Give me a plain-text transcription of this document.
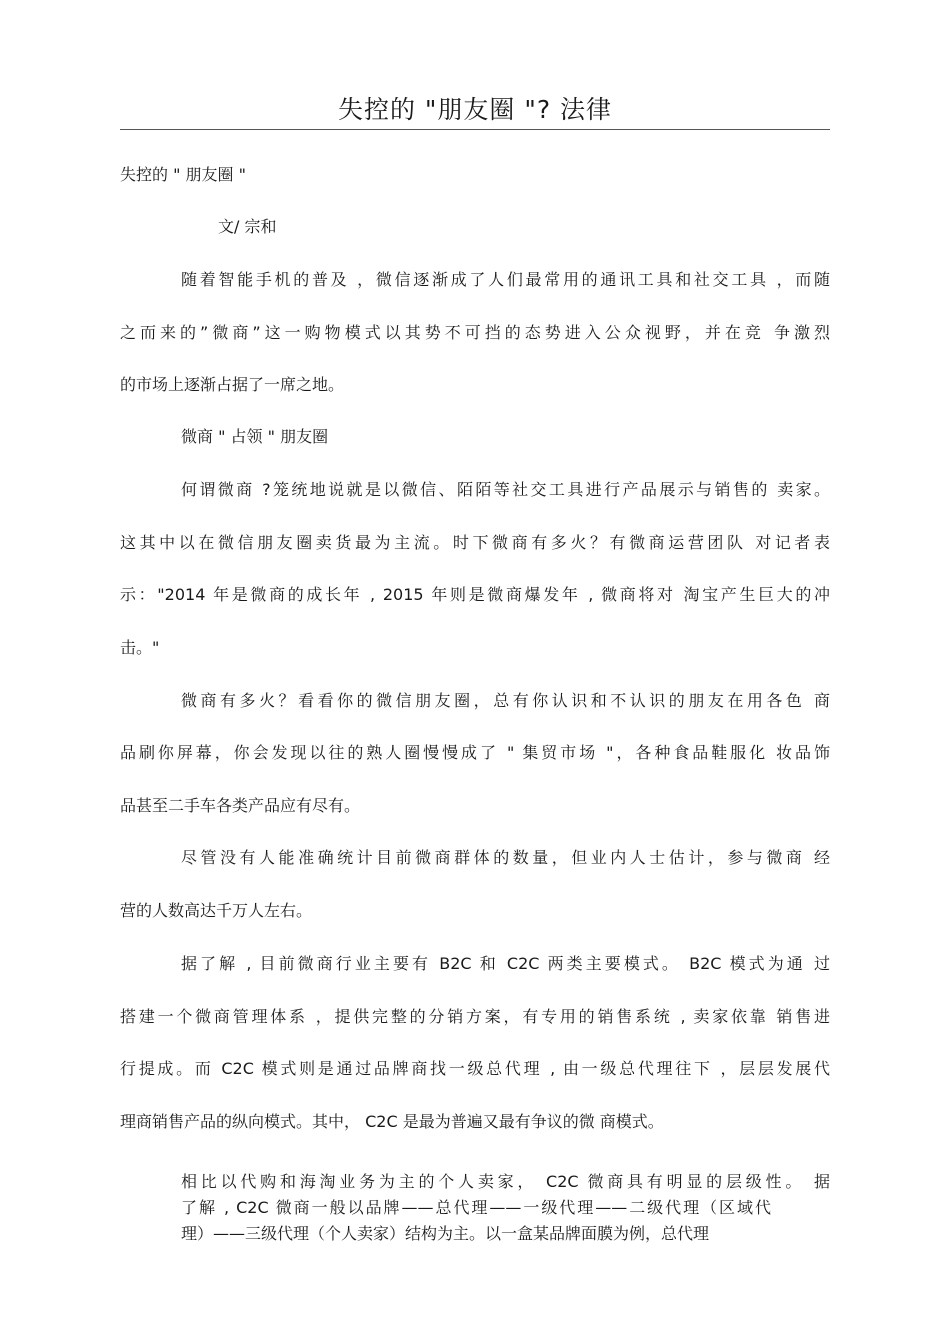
失控的 "朋友圈 "? 法律
失控的 " 朋友圈 "
文/ 宗和
随着智能手机的普及 ，微信逐渐成了人们最常用的通讯工具和社交工具 ，而随
之而来的”微商”这一购物模式以其势不可挡的态势进入公众视野，并在竞 争激烈
的市场上逐渐占据了一席之地。
微商 " 占领 " 朋友圈
何谓微商 ?笼统地说就是以微信、陌陌等社交工具进行产品展示与销售的 卖家。
这其中以在微信朋友圈卖货最为主流。时下微商有多火？有微商运营团队 对记者表
示："2014 年是微商的成长年 , 2015 年则是微商爆发年 , 微商将对 淘宝产生巨大的冲
击。"
微商有多火？看看你的微信朋友圈，总有你认识和不认识的朋友在用各色 商
品刷你屏幕，你会发现以往的熟人圈慢慢成了 " 集贸市场 "，各种食品鞋服化 妆品饰
品甚至二手车各类产品应有尽有。
尽管没有人能准确统计目前微商群体的数量，但业内人士估计，参与微商 经
营的人数高达千万人左右。
据了解 , 目前微商行业主要有 B2C 和 C2C 两类主要模式。 B2C 模式为通 过
搭建一个微商管理体系 ，提供完整的分销方案，有专用的销售系统 , 卖家依靠 销售进
行提成。而 C2C 模式则是通过品牌商找一级总代理 , 由一级总代理往下 ，层层发展代
理商销售产品的纵向模式。其中， C2C 是最为普遍又最有争议的微 商模式。
相比以代购和海淘业务为主的个人卖家， C2C 微商具有明显的层级性。 据
了解 , C2C 微商一般以品牌——总代理——一级代理——二级代理（区域代
理）——三级代理（个人卖家）结构为主。以一盒某品牌面膜为例，总代理
